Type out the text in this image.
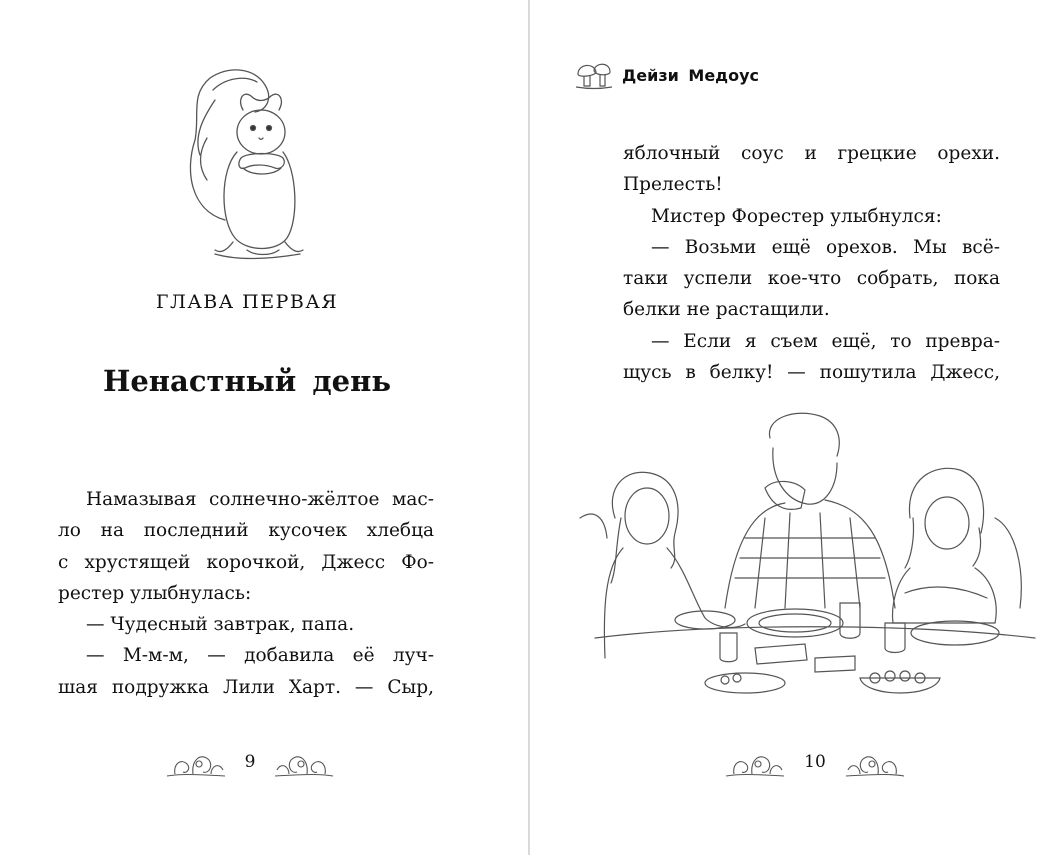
ГЛАВА ПЕРВАЯ
Ненастный день

Намазывая солнечно-жёлтое мас-

ло на последний кусочек хлебца

с хрустящей корочкой, Джесс Фо-

рестер улыбнулась:

— Чудесный завтрак, папа.

— М-м-м, — добавила её луч-

шая подружка Лили Харт. — Сыр,

9
Дейзи Медоус

яблочный соус и грецкие орехи.

Прелесть!

Мистер Форестер улыбнулся:

— Возьми ещё орехов. Мы всё-

таки успели кое-что собрать, пока

белки не растащили.

— Если я съем ещё, то превра-

щусь в белку! — пошутила Джесс,

10
